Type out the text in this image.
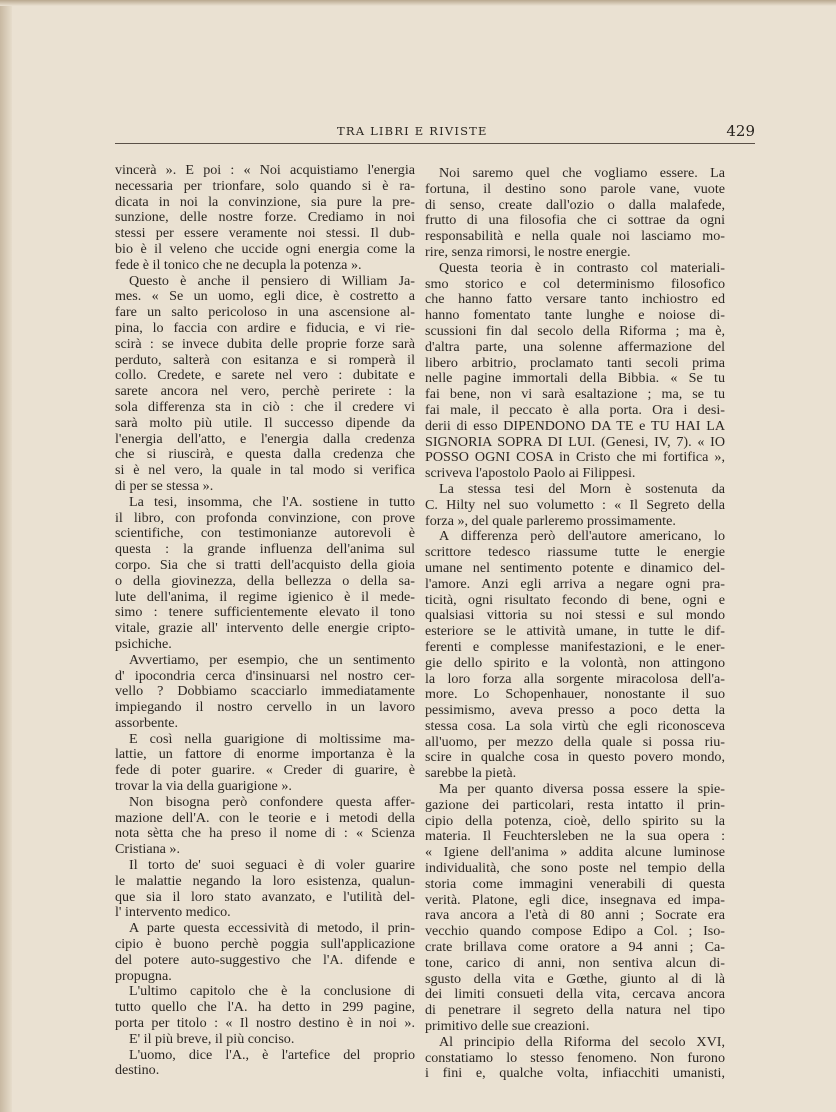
TRA LIBRI E RIVISTE	429
vincerà ». E poi : « Noi acquistiamo l'energia
necessaria per trionfare, solo quando si è ra-
dicata in noi la convinzione, sia pure la pre-
sunzione, delle nostre forze. Crediamo in noi
stessi per essere veramente noi stessi. Il dub-
bio è il veleno che uccide ogni energia come la
fede è il tonico che ne decupla la potenza ».
Questo è anche il pensiero di William Ja-
mes. « Se un uomo, egli dice, è costretto a
fare un salto pericoloso in una ascensione al-
pina, lo faccia con ardire e fiducia, e vi rie-
scirà : se invece dubita delle proprie forze sarà
perduto, salterà con esitanza e si romperà il
collo. Credete, e sarete nel vero : dubitate e
sarete ancora nel vero, perchè perirete : la
sola differenza sta in ciò : che il credere vi
sarà molto più utile. Il successo dipende da
l'energia dell'atto, e l'energia dalla credenza
che si riuscirà, e questa dalla credenza che
si è nel vero, la quale in tal modo si verifica
di per se stessa ».
La tesi, insomma, che l'A. sostiene in tutto
il libro, con profonda convinzione, con prove
scientifiche, con testimonianze autorevoli è
questa : la grande influenza dell'anima sul
corpo. Sia che si tratti dell'acquisto della gioia
o della giovinezza, della bellezza o della sa-
lute dell'anima, il regime igienico è il mede-
simo : tenere sufficientemente elevato il tono
vitale, grazie all' intervento delle energie cripto-
psichiche.
Avvertiamo, per esempio, che un sentimento
d' ipocondria cerca d'insinuarsi nel nostro cer-
vello ? Dobbiamo scacciarlo immediatamente
impiegando il nostro cervello in un lavoro
assorbente.
E così nella guarigione di moltissime ma-
lattie, un fattore di enorme importanza è la
fede di poter guarire. « Creder di guarire, è
trovar la via della guarigione ».
Non bisogna però confondere questa affer-
mazione dell'A. con le teorie e i metodi della
nota sètta che ha preso il nome di : « Scienza
Cristiana ».
Il torto de' suoi seguaci è di voler guarire
le malattie negando la loro esistenza, qualun-
que sia il loro stato avanzato, e l'utilità del-
l' intervento medico.
A parte questa eccessività di metodo, il prin-
cipio è buono perchè poggia sull'applicazione
del potere auto-suggestivo che l'A. difende e
propugna.
L'ultimo capitolo che è la conclusione di
tutto quello che l'A. ha detto in 299 pagine,
porta per titolo : « Il nostro destino è in noi ».
E' il più breve, il più conciso.
L'uomo, dice l'A., è l'artefice del proprio
destino.
Noi saremo quel che vogliamo essere. La
fortuna, il destino sono parole vane, vuote
di senso, create dall'ozio o dalla malafede,
frutto di una filosofia che ci sottrae da ogni
responsabilità e nella quale noi lasciamo mo-
rire, senza rimorsi, le nostre energie.
Questa teoria è in contrasto col materiali-
smo storico e col determinismo filosofico
che hanno fatto versare tanto inchiostro ed
hanno fomentato tante lunghe e noiose di-
scussioni fin dal secolo della Riforma ; ma è,
d'altra parte, una solenne affermazione del
libero arbitrio, proclamato tanti secoli prima
nelle pagine immortali della Bibbia. « Se tu
fai bene, non vi sarà esaltazione ; ma, se tu
fai male, il peccato è alla porta. Ora i desi-
derii di esso DIPENDONO DA TE e TU HAI LA
SIGNORIA SOPRA DI LUI. (Genesi, IV, 7). « IO
POSSO OGNI COSA in Cristo che mi fortifica »,
scriveva l'apostolo Paolo ai Filippesi.
La stessa tesi del Morn è sostenuta da
C. Hilty nel suo volumetto : « Il Segreto della
forza », del quale parleremo prossimamente.
A differenza però dell'autore americano, lo
scrittore tedesco riassume tutte le energie
umane nel sentimento potente e dinamico del-
l'amore. Anzi egli arriva a negare ogni pra-
ticità, ogni risultato fecondo di bene, ogni e
qualsiasi vittoria su noi stessi e sul mondo
esteriore se le attività umane, in tutte le dif-
ferenti e complesse manifestazioni, e le ener-
gie dello spirito e la volontà, non attingono
la loro forza alla sorgente miracolosa dell'a-
more. Lo Schopenhauer, nonostante il suo
pessimismo, aveva presso a poco detta la
stessa cosa. La sola virtù che egli riconosceva
all'uomo, per mezzo della quale si possa riu-
scire in qualche cosa in questo povero mondo,
sarebbe la pietà.
Ma per quanto diversa possa essere la spie-
gazione dei particolari, resta intatto il prin-
cipio della potenza, cioè, dello spirito su la
materia. Il Feuchtersleben ne la sua opera :
« Igiene dell'anima » addita alcune luminose
individualità, che sono poste nel tempio della
storia come immagini venerabili di questa
verità. Platone, egli dice, insegnava ed impa-
rava ancora a l'età di 80 anni ; Socrate era
vecchio quando compose Edipo a Col. ; Iso-
crate brillava come oratore a 94 anni ; Ca-
tone, carico di anni, non sentiva alcun di-
sgusto della vita e Gœthe, giunto al di là
dei limiti consueti della vita, cercava ancora
di penetrare il segreto della natura nel tipo
primitivo delle sue creazioni.
Al principio della Riforma del secolo XVI,
constatiamo lo stesso fenomeno. Non furono
i fini e, qualche volta, infiacchiti umanisti,
